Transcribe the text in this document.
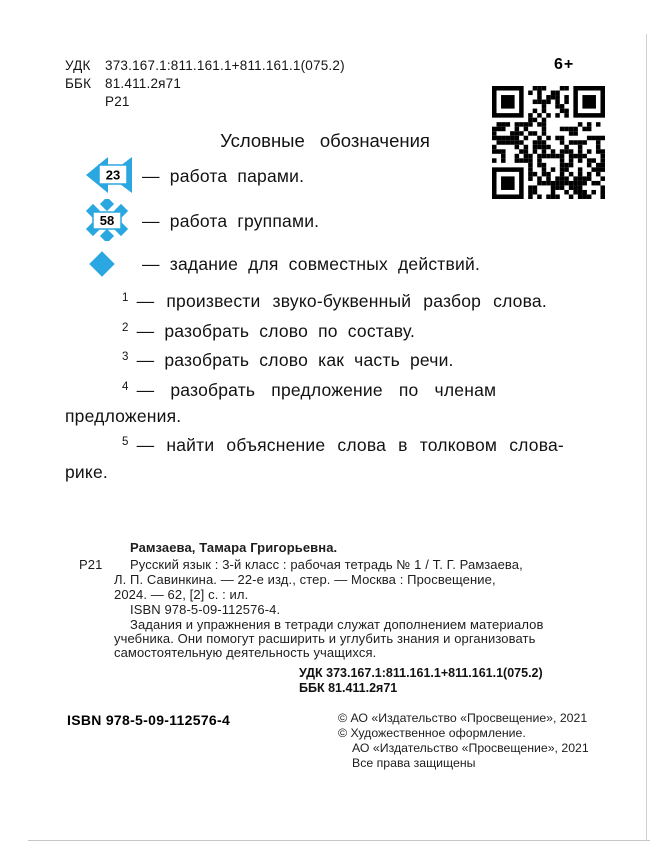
УДК 373.167.1:811.161.1+811.161.1(075.2)
ББК 81.411.2я71
Р21
6+
Условные обозначения
23 — работа парами.
58 — работа группами.
— задание для совместных действий.
1 — произвести звуко-буквенный разбор слова.
2 — разобрать слово по составу.
3 — разобрать слово как часть речи.
4 — разобрать предложение по членам
предложения.
5 — найти объяснение слова в толковом слова-
рике.
Рамзаева, Тамара Григорьевна.
Р21 Русский язык : 3-й класс : рабочая тетрадь № 1 / Т. Г. Рамзаева,
Л. П. Савинкина. — 22-е изд., стер. — Москва : Просвещение,
2024. — 62, [2] с. : ил.
ISBN 978-5-09-112576-4.
Задания и упражнения в тетради служат дополнением материалов
учебника. Они помогут расширить и углубить знания и организовать
самостоятельную деятельность учащихся.
УДК 373.167.1:811.161.1+811.161.1(075.2)
ББК 81.411.2я71
ISBN 978-5-09-112576-4	© АО «Издательство «Просвещение», 2021
© Художественное оформление.
АО «Издательство «Просвещение», 2021
Все права защищены
